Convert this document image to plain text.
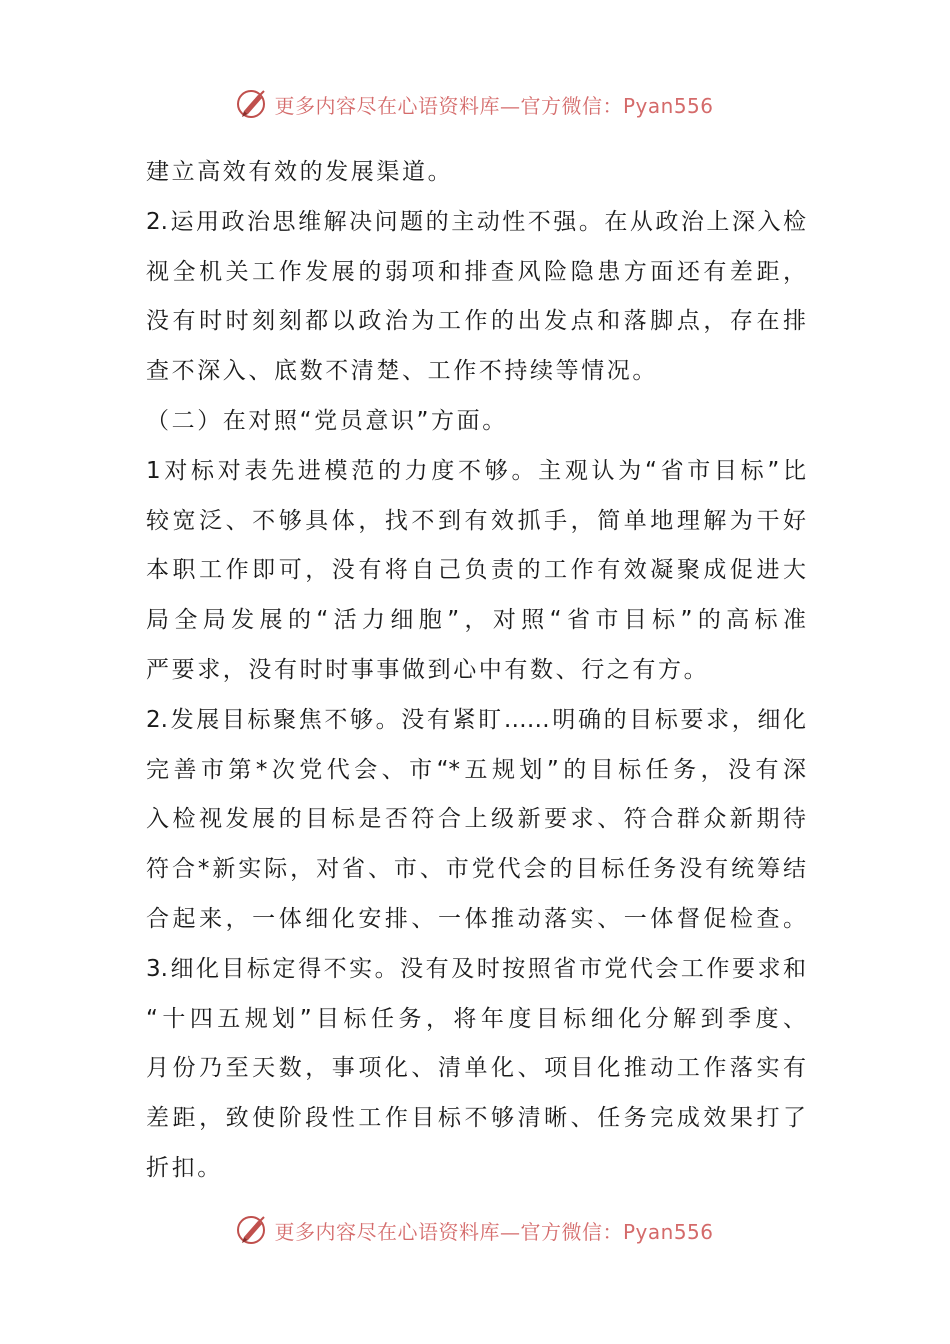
更多内容尽在心语资料库—官方微信：Pyan556
建立高效有效的发展渠道。
2.运用政治思维解决问题的主动性不强。在从政治上深入检
视全机关工作发展的弱项和排查风险隐患方面还有差距，
没有时时刻刻都以政治为工作的出发点和落脚点，存在排
查不深入、底数不清楚、工作不持续等情况。
（二）在对照“党员意识”方面。
1对标对表先进模范的力度不够。主观认为“省市目标”比
较宽泛、不够具体，找不到有效抓手，简单地理解为干好
本职工作即可，没有将自己负责的工作有效凝聚成促进大
局全局发展的“活力细胞”，对照“省市目标”的高标准
严要求，没有时时事事做到心中有数、行之有方。
2.发展目标聚焦不够。没有紧盯……明确的目标要求，细化
完善市第*次党代会、市“*五规划”的目标任务，没有深
入检视发展的目标是否符合上级新要求、符合群众新期待
符合*新实际，对省、市、市党代会的目标任务没有统筹结
合起来，一体细化安排、一体推动落实、一体督促检查。
3.细化目标定得不实。没有及时按照省市党代会工作要求和
“十四五规划”目标任务，将年度目标细化分解到季度、
月份乃至天数，事项化、清单化、项目化推动工作落实有
差距，致使阶段性工作目标不够清晰、任务完成效果打了
折扣。
更多内容尽在心语资料库—官方微信：Pyan556
